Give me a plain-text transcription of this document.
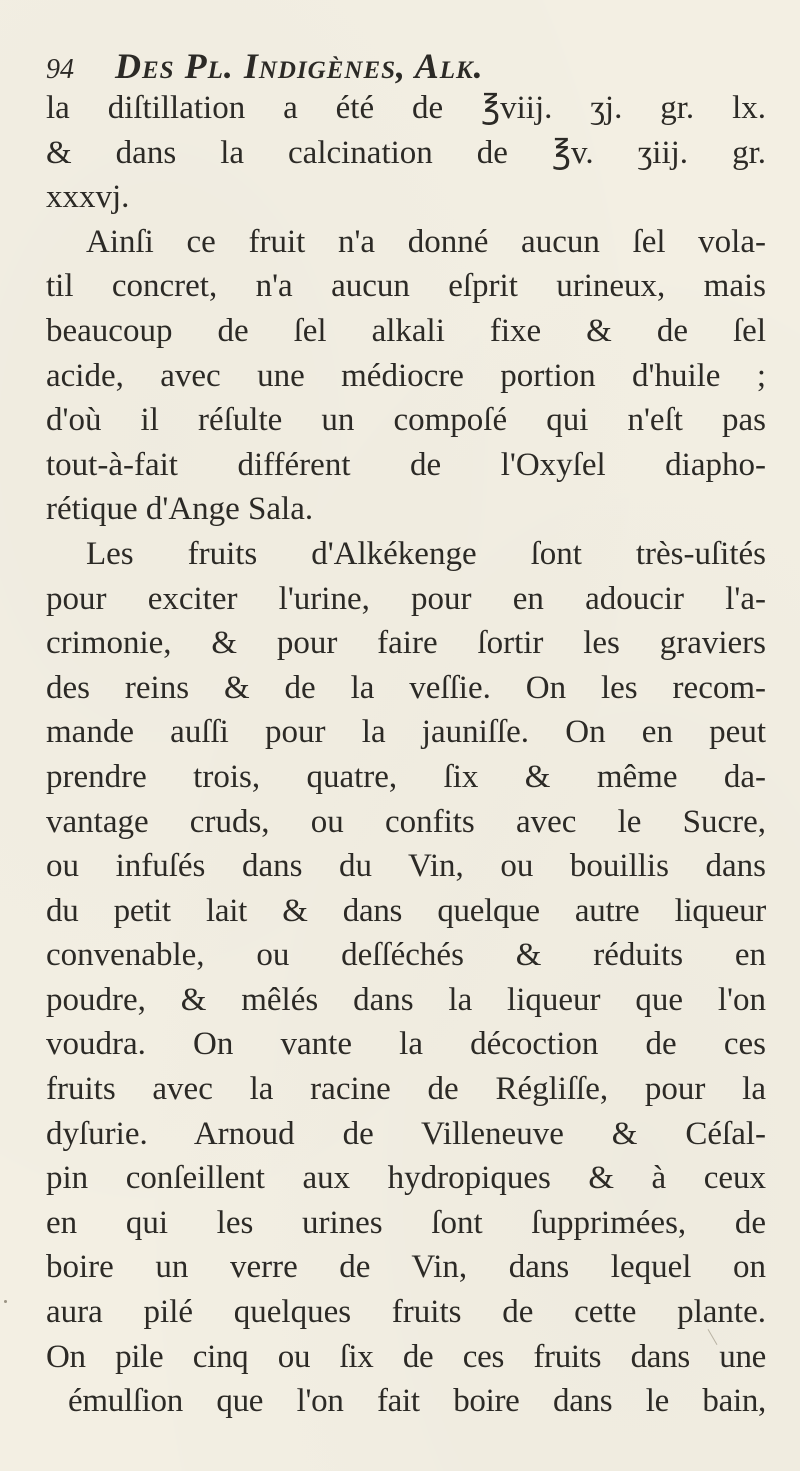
94 Des Pl. Indigènes, Alk.
la diſtillation a été de ℥viij. ʒj. gr. lx.
& dans la calcination de ℥v. ʒiij. gr.
xxxvj.
Ainſi ce fruit n'a donné aucun ſel vola-
til concret, n'a aucun eſprit urineux, mais
beaucoup de ſel alkali fixe & de ſel
acide, avec une médiocre portion d'huile ;
d'où il réſulte un compoſé qui n'eſt pas
tout-à-fait différent de l'Oxyſel diapho-
rétique d'Ange Sala.
Les fruits d'Alkékenge ſont très-uſités
pour exciter l'urine, pour en adoucir l'a-
crimonie, & pour faire ſortir les graviers
des reins & de la veſſie. On les recom-
mande auſſi pour la jauniſſe. On en peut
prendre trois, quatre, ſix & même da-
vantage cruds, ou confits avec le Sucre,
ou infuſés dans du Vin, ou bouillis dans
du petit lait & dans quelque autre liqueur
convenable, ou deſſéchés & réduits en
poudre, & mêlés dans la liqueur que l'on
voudra. On vante la décoction de ces
fruits avec la racine de Régliſſe, pour la
dyſurie. Arnoud de Villeneuve & Céſal-
pin conſeillent aux hydropiques & à ceux
en qui les urines ſont ſupprimées, de
boire un verre de Vin, dans lequel on
aura pilé quelques fruits de cette plante.
On pile cinq ou ſix de ces fruits dans une
émulſion que l'on fait boire dans le bain,
